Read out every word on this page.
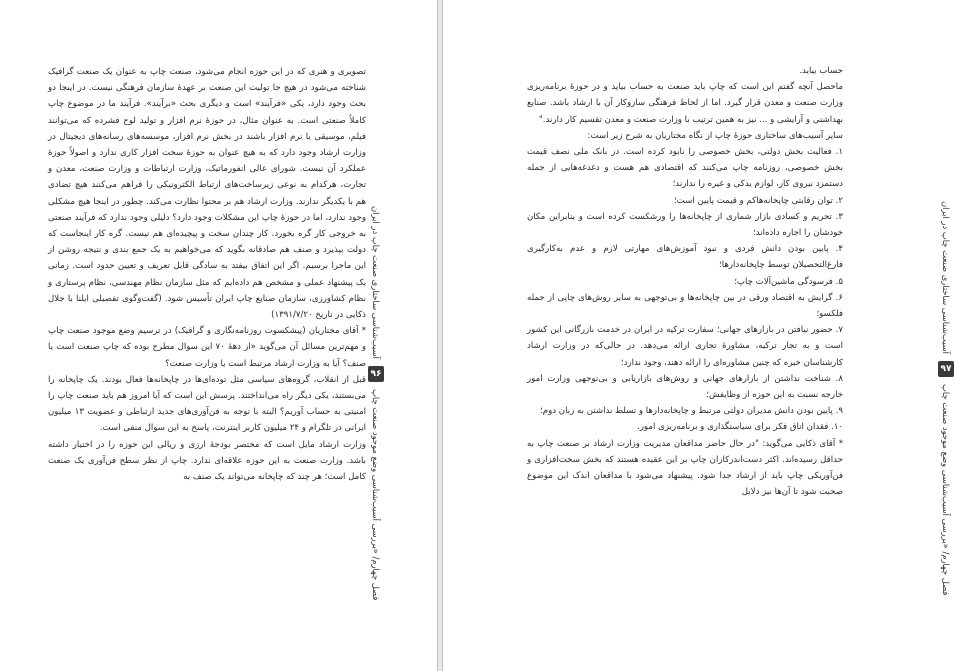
تصویری و هنری که در این حوزه انجام می‌شود، صنعت چاپ به عنوان یک صنعت گرافیک شناخته می‌شود در هیچ جا تولیت این صنعت بر عهدۀ سازمان فرهنگی نیست. در اینجا دو بحث وجود دارد، یکی «فرآیند» است و دیگری بحث «برآیند». فرآیند ما در موضوع چاپ کاملاً صنعتی است. به عنوان مثال، در حوزۀ نرم افزار و تولید لوح فشرده که می‌توانند فیلم، موسیقی یا نرم افزار باشند در بخش نرم افزار، موسسه‌های رسانه‌های دیجیتال در وزارت ارشاد وجود دارد که به هیچ عنوان به حوزۀ سخت افزار کاری ندارد و اصولاً حوزۀ عملکرد آن نیست. شورای عالی انفورماتیک، وزارت ارتباطات و وزارت صنعت، معدن و تجارت، هرکدام به نوعی زیرساخت‌های ارتباط الکترونیکی را فراهم می‌کنند هیچ تضادی هم با یکدیگر ندارند. وزارت ارشاد هم بر محتوا نظارت می‌کند. چطور در اینجا هیچ مشکلی وجود ندارد، اما در حوزۀ چاپ این مشکلات وجود دارد؟ دلیلی وجود ندارد که فرآیند صنعتی به خروجی کار گره بخورد. کار چندان سخت و پیچیده‌ای هم نیست. گره کار اینجاست که دولت بپذیرد و صنف هم صادقانه بگوید که می‌خواهیم به یک جمع بندی و نتیجه روشن از این ماجرا برسیم. اگر این اتفاق بیفتد به سادگی قابل تعریف و تعیین حدود است. زمانی یک پیشنهاد عملی و مشخص هم داده‌ایم که مثل سازمان نظام مهندسی، نظام پرستاری و نظام کشاورزی، سازمان صنایع چاپ ایران تأسیس شود. (گفت‌وگوی تفصیلی ایلنا با جلال ذکایی در تاریخ ۱۳۹۱/۷/۲۰)

* آقای مختاریان (پیشکسوت روزنامه‌نگاری و گرافیک) در ترسیم وضع موجود صنعت چاپ و مهم‌ترین مسائل آن می‌گوید «از دهۀ ۷۰ این سوال مطرح بوده که چاپ صنعت است یا صنف؟ آیا به وزارت ارشاد مرتبط است یا وزارت صنعت؟

قبل از انقلاب، گروه‌های سیاسی مثل توده‌ای‌ها در چاپخانه‌ها فعال بودند. یک چاپخانه را می‌بستند، یکی دیگر راه می‌انداختند. پرسش این است که آیا امروز هم باید صنعت چاپ را امنیتی به حساب آوریم؟ البته با توجه به فن‌آوری‌های جدید ارتباطی و عضویت ۱۳ میلیون ایرانی در تلگرام و ۲۴ میلیون کاربر اینترنت، پاسخ به این سوال منفی است.

وزارت ارشاد مایل است که مختصر بودجۀ ارزی و ریالی این حوزه را در اختیار داشته باشد. وزارت صنعت به این حوزه علاقه‌ای ندارد. چاپ از نظر سطح فن‌آوری یک صنعت کامل است؛ هر چند که چاپخانه می‌تواند یک صنف به

آسیب‌شناسی ساختاری صنعت چاپ در ایران
۹۶
فصل چهارم/ «بررسی آسیب‌شناسی وضع موجود صنعت چاپ
آسیب‌شناسی ساختاری صنعت چاپ در ایران
۹۷
فصل چهارم/ «بررسی آسیب‌شناسی وضع موجود صنعت چاپ

حساب بیاید.

ماحصل آنچه گفتم این است که چاپ باید صنعت به حساب بیاید و در حوزۀ برنامه‌ریزی وزارت صنعت و معدن قرار گیرد. اما از لحاظ فرهنگی سازوکار آن با ارشاد باشد. صنایع بهداشتی و آرایشی و ... نیز به همین ترتیب با وزارت صنعت و معدن تقسیم کار دارند."

سایر آسیب‌های ساختاری حوزۀ چاپ از نگاه مختاریان به شرح زیر است:

۱. فعالیت بخش دولتی، بخش خصوصی را نابود کرده است. در بانک ملی نصف قیمت بخش خصوصی، روزنامه چاپ می‌کنند که اقتصادی هم هست و دغدغه‌هایی از جمله دستمزد نیروی کار، لوازم یدکی و غیره را ندارند؛

۲. توان رقابتی چاپخانه‌هاکم و قیمت پایین است؛

۳. تحریم و کسادی بازار شماری از چاپخانه‌ها را ورشکست کرده است و بنابراین مکان خودشان را اجاره داده‌اند؛

۴. پایین بودن دانش فردی و نبود آموزش‌های مهارتی لازم و عدم به‌کارگیری فارغ‌التحصیلان توسط چاپخانه‌دارها؛

۵. فرسودگی ماشین‌آلات چاپ؛

۶. گرایش به اقتصاد ورقی در بین چاپخانه‌ها و بی‌توجهی به سایر روش‌های چاپی از جمله فلکسو؛

۷. حضور نیافتن در بازارهای جهانی؛ سفارت ترکیه در ایران در خدمت بازرگانی این کشور است و به تجار ترکیه، مشاورۀ تجاری ارائه می‌دهد. در حالی‌که در وزارت ارشاد کارشناسان خبره که چنین مشاوره‌ای را ارائه دهند، وجود ندارد؛

۸. شناخت نداشتن از بازارهای جهانی و روش‌های بازاریابی و بی‌توجهی وزارت امور خارجه نسبت به این حوزه از وظایفش؛

۹. پایین بودن دانش مدیران دولتی مرتبط و چاپخانه‌دارها و تسلط نداشتن به زبان دوم؛

۱۰. فقدان اتاق فکر برای سیاستگذاری و برنامه‌ریزی امور.

* آقای ذکایی می‌گوید: "در حال حاضر مداقعان مدیریت وزارت ارشاد بر صنعت چاپ به حداقل رسیده‌اند. اکثر دست‌اندرکاران چاپ بر این عقیده هستند که بخش سخت‌افزاری و فن‌آوریکی چاپ باید از ارشاد جدا شود. پیشنهاد می‌شود با مداقعان اندک این موضوع صحبت شود تا آن‌ها نیز دلایل
